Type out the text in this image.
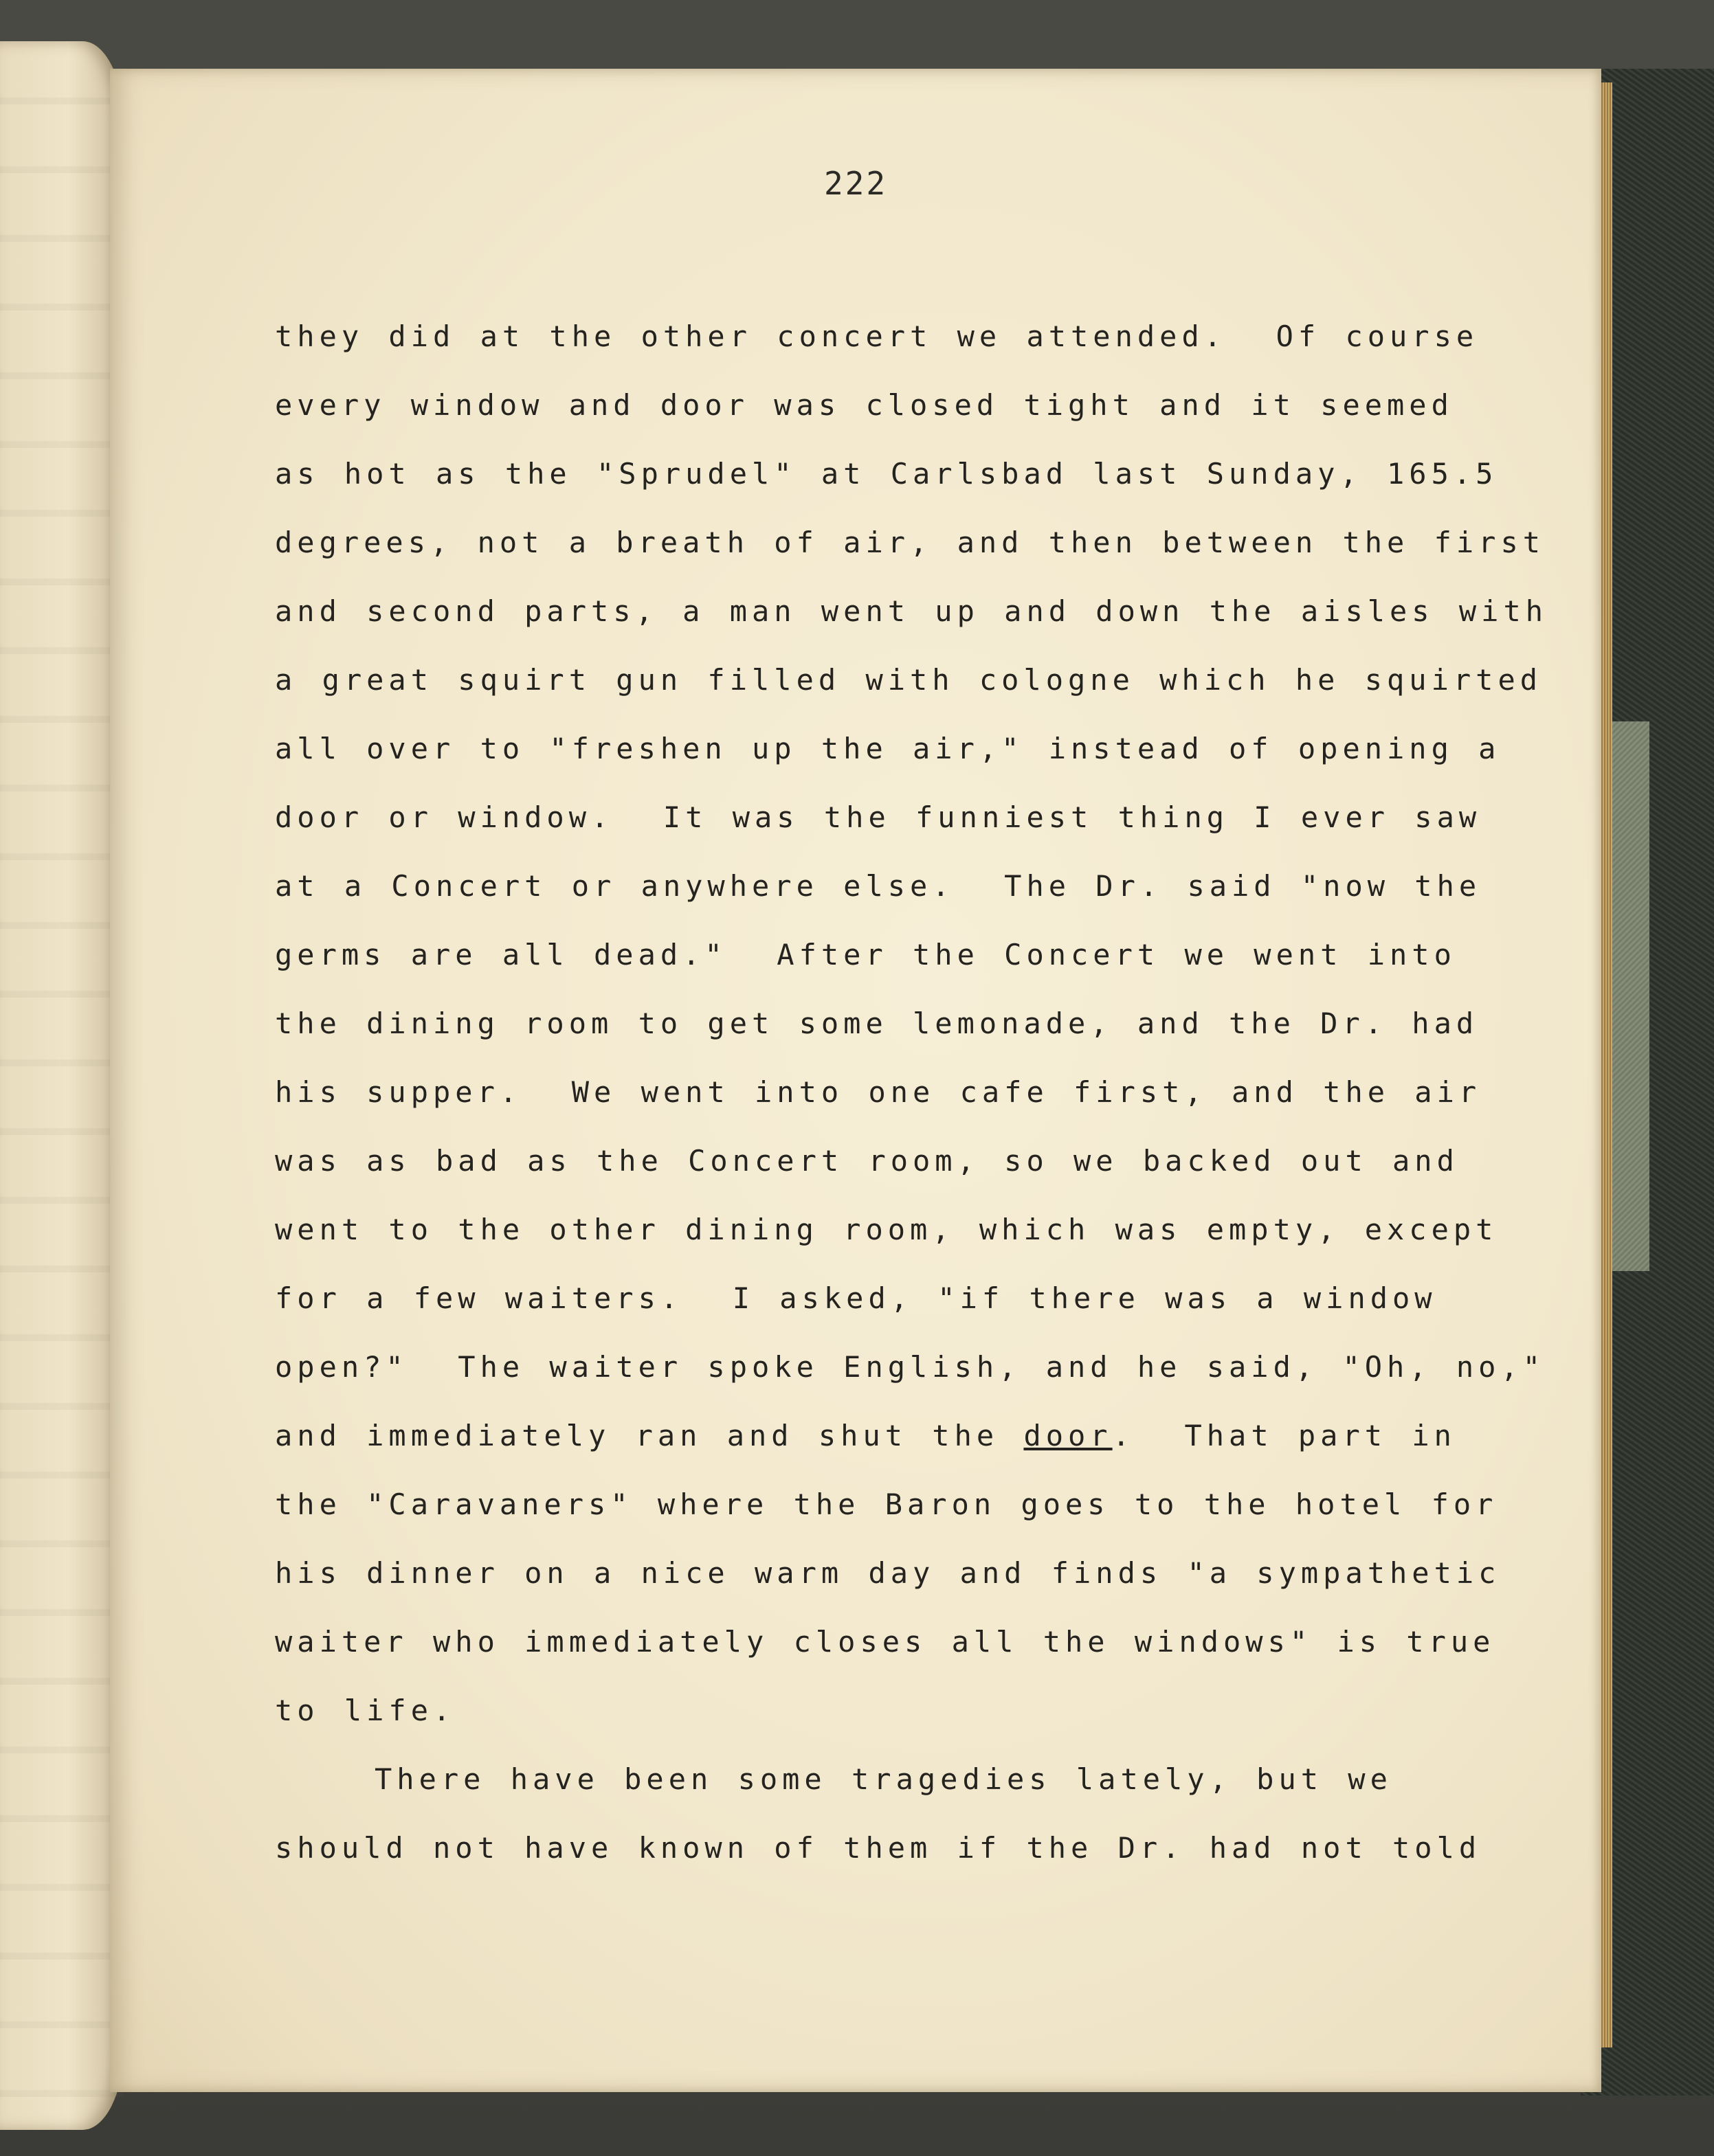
222
they did at the other concert we attended.  Of course
every window and door was closed tight and it seemed
as hot as the "Sprudel" at Carlsbad last Sunday, 165.5
degrees, not a breath of air, and then between the first
and second parts, a man went up and down the aisles with
a great squirt gun filled with cologne which he squirted
all over to "freshen up the air," instead of opening a
door or window.  It was the funniest thing I ever saw
at a Concert or anywhere else.  The Dr. said "now the
germs are all dead."  After the Concert we went into
the dining room to get some lemonade, and the Dr. had
his supper.  We went into one cafe first, and the air
was as bad as the Concert room, so we backed out and
went to the other dining room, which was empty, except
for a few waiters.  I asked, "if there was a window
open?"  The waiter spoke English, and he said, "Oh, no,"
and immediately ran and shut the door.  That part in
the "Caravaners" where the Baron goes to the hotel for
his dinner on a nice warm day and finds "a sympathetic
waiter who immediately closes all the windows" is true
to life.
There have been some tragedies lately, but we
should not have known of them if the Dr. had not told
